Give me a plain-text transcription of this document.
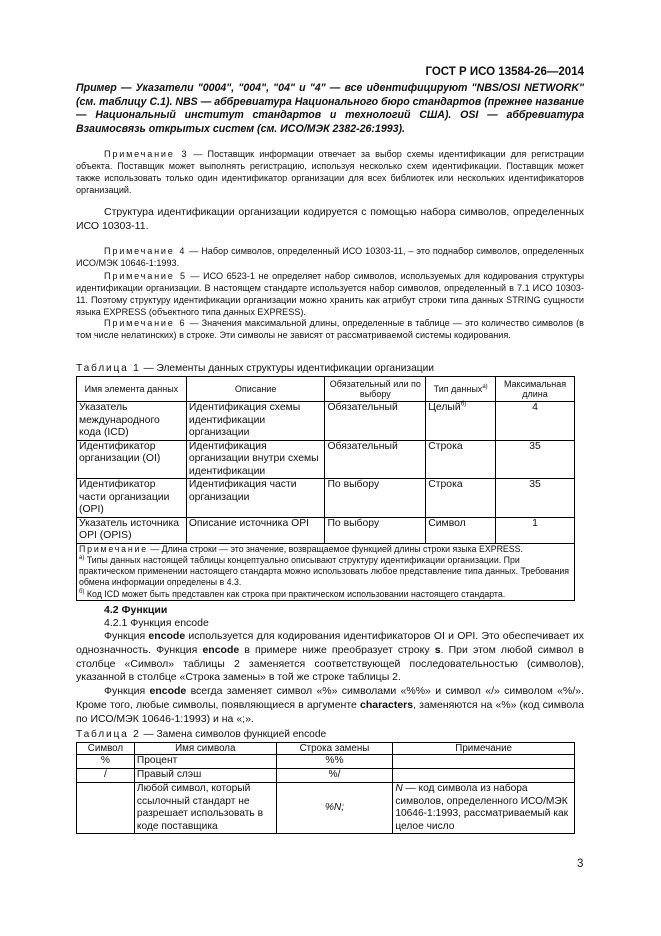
ГОСТ Р ИСО 13584-26—2014

Пример — Указатели "0004", "004", "04" и "4" — все идентифицируют "NBS/OSI NETWORK" (см. таблицу С.1). NBS — аббревиатура Национального бюро стандартов (прежнее название — Национальный институт стандартов и технологий США). OSI — аббревиатура Взаимосвязь открытых систем (см. ИСО/МЭК 2382-26:1993).

Примечание 3 — Поставщик информации отвечает за выбор схемы идентификации для регистрации объекта. Поставщик может выполнять регистрацию, используя несколько схем идентификации. Поставщик может также использовать только один идентификатор организации для всех библиотек или нескольких идентификаторов организаций.

Структура идентификации организации кодируется с помощью набора символов, определенных ИСО 10303-11.

Примечание 4 — Набор символов, определенный ИСО 10303-11, – это поднабор символов, определенных ИСО/МЭК 10646-1:1993.

Примечание 5 — ИСО 6523-1 не определяет набор символов, используемых для кодирования структуры идентификации организации. В настоящем стандарте используется набор символов, определенный в 7.1 ИСО 10303-11. Поэтому структуру идентификации организации можно хранить как атрибут строки типа данных STRING сущности языка EXPRESS (объектного типа данных EXPRESS).

Примечание 6 — Значения максимальной длины, определенные в таблице — это количество символов (в том числе нелатинских) в строке. Эти символы не зависят от рассматриваемой системы кодирования.

Таблица 1 — Элементы данных структуры идентификации организации
Имя элемента данных	Описание	Обязательный или по выбору	Тип данных$^{а)}$	Максимальная длина
Указатель международного кода (ICD)	Идентификация схемы идентификации организации	Обязательный	Целый$^{б)}$	4
Идентификатор организации (OI)	Идентификация организации внутри схемы идентификации	Обязательный	Строка	35
Идентификатор части организации (OPI)	Идентификация части организации	По выбору	Строка	35
Указатель источника OPI (OPIS)	Описание источника OPI	По выбору	Символ	1

Примечание — Длина строки — это значение, возвращаемое функцией длины строки языка EXPRESS.
$^{а)}$ Типы данных настоящей таблицы концептуально описывают структуру идентификации организации. При практическом применении настоящего стандарта можно использовать любое представление типа данных. Требования обмена информации определены в 4.3.
$^{б)}$ Код ICD может быть представлен как строка при практическом использовании настоящего стандарта.				
4.2 Функции
4.2.1 Функция encode

Функция encode используется для кодирования идентификаторов OI и OPI. Это обеспечивает их однозначность. Функция encode в примере ниже преобразует строку s. При этом любой символ в столбце «Символ» таблицы 2 заменяется соответствующей последовательностью (символов), указанной в столбце «Строка замены» в той же строке таблицы 2.

Функция encode всегда заменяет символ «%» символами «%%» и символ «/» символом «%/». Кроме того, любые символы, появляющиеся в аргументе characters, заменяются на «%» (код символа по ИСО/МЭК 10646-1:1993) и на «;».

Таблица 2 — Замена символов функцией encode
Символ	Имя символа	Строка замены	Примечание
%	Процент	%%	
/	Правый слэш	%/	
	Любой символ, который ссылочный стандарт не разрешает использовать в коде поставщика	%N;	N — код символа из набора символов, определенного ИСО/МЭК 10646-1:1993, рассматриваемый как целое число
3
